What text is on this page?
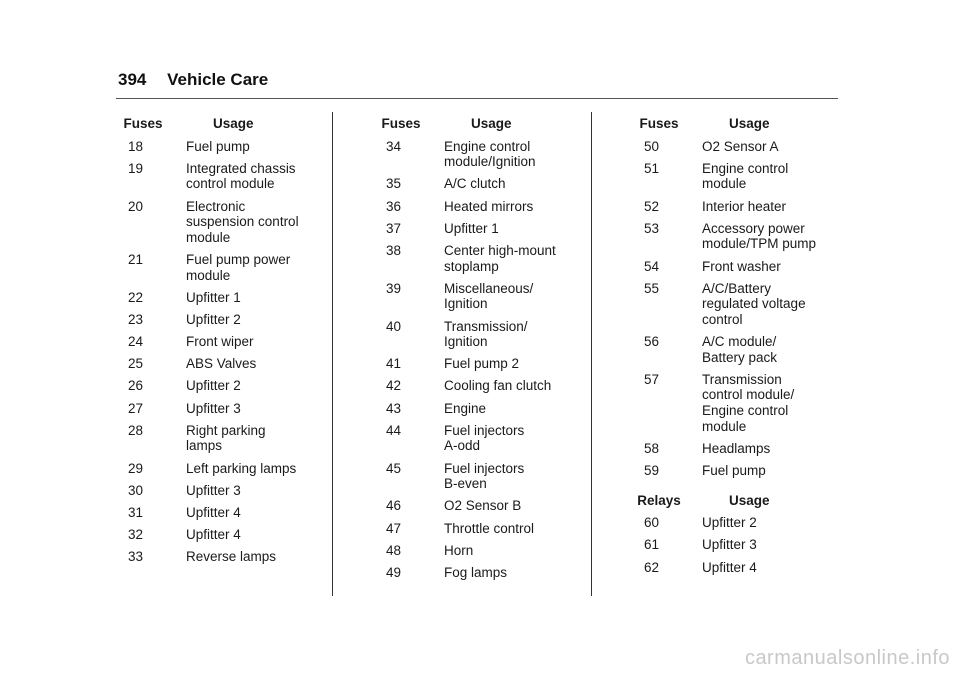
394 Vehicle Care
Fuses	Usage
18	Fuel pump
19	Integrated chassis
control module
20	Electronic
suspension control
module
21	Fuel pump power
module
22	Upfitter 1
23	Upfitter 2
24	Front wiper
25	ABS Valves
26	Upfitter 2
27	Upfitter 3
28	Right parking
lamps
29	Left parking lamps
30	Upfitter 3
31	Upfitter 4
32	Upfitter 4
33	Reverse lamps
Fuses	Usage
34	Engine control
module/Ignition
35	A/C clutch
36	Heated mirrors
37	Upfitter 1
38	Center high-mount
stoplamp
39	Miscellaneous/
Ignition
40	Transmission/
Ignition
41	Fuel pump 2
42	Cooling fan clutch
43	Engine
44	Fuel injectors
A-odd
45	Fuel injectors
B-even
46	O2 Sensor B
47	Throttle control
48	Horn
49	Fog lamps
Fuses	Usage
50	O2 Sensor A
51	Engine control
module
52	Interior heater
53	Accessory power
module/TPM pump
54	Front washer
55	A/C/Battery
regulated voltage
control
56	A/C module/
Battery pack
57	Transmission
control module/
Engine control
module
58	Headlamps
59	Fuel pump
Relays	Usage
60	Upfitter 2
61	Upfitter 3
62	Upfitter 4
carmanualsonline.info
